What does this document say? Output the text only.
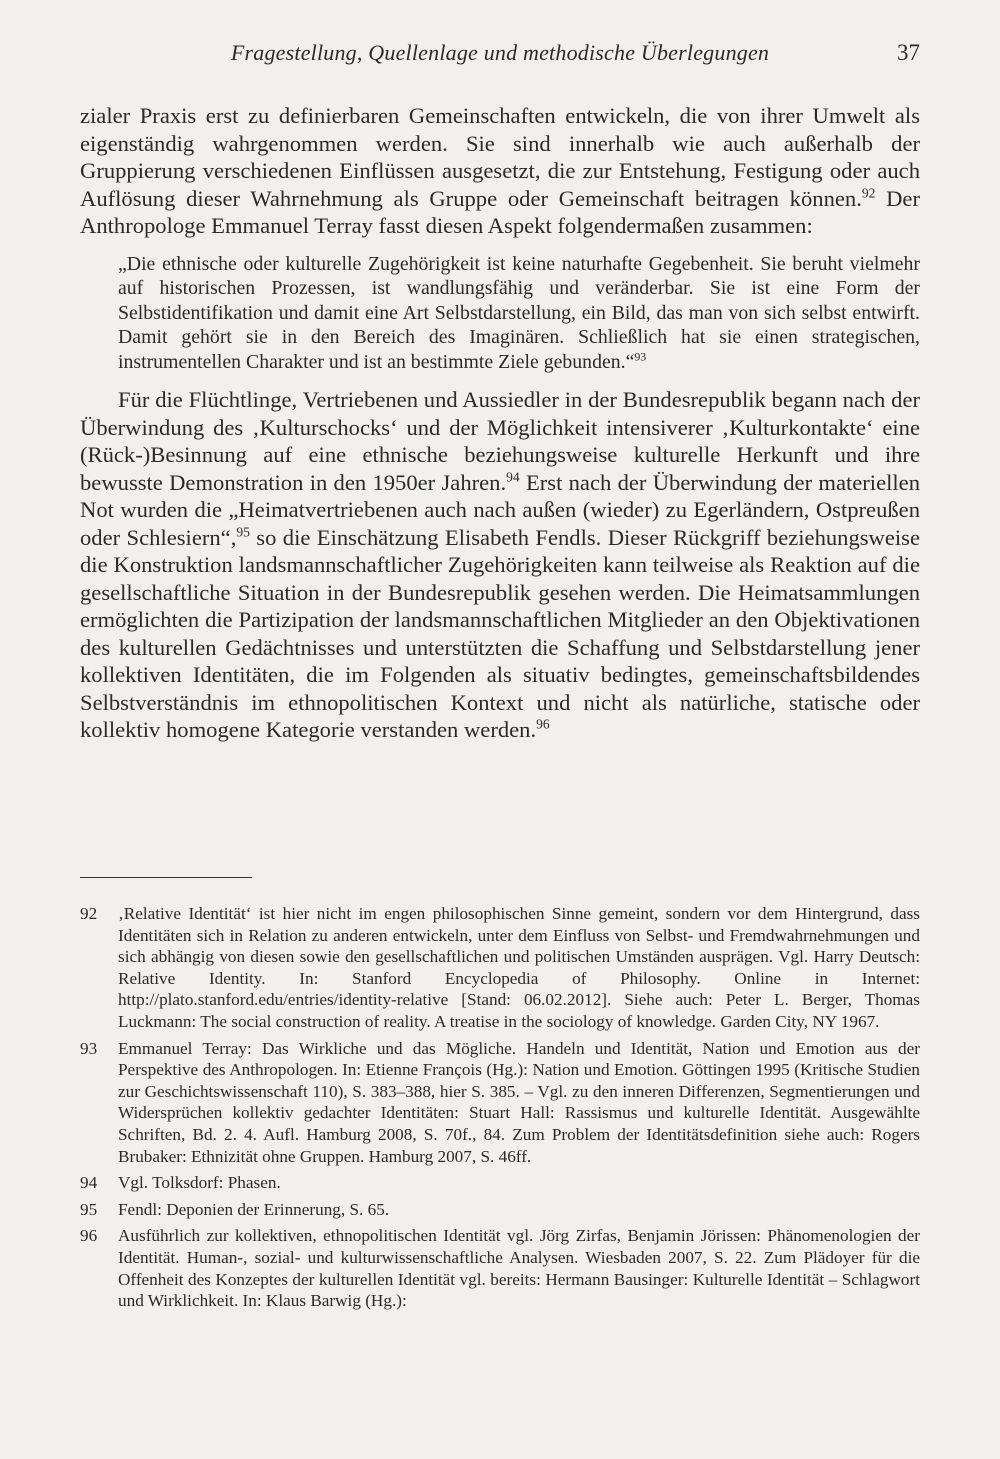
Fragestellung, Quellenlage und methodische Überlegungen	37

zialer Praxis erst zu definierbaren Gemeinschaften entwickeln, die von ihrer Umwelt als eigenständig wahrgenommen werden. Sie sind innerhalb wie auch außerhalb der Gruppierung verschiedenen Einflüssen ausgesetzt, die zur Entstehung, Festigung oder auch Auflösung dieser Wahrnehmung als Gruppe oder Gemeinschaft beitragen können.$^{92}$ Der Anthropologe Emmanuel Terray fasst diesen Aspekt folgendermaßen zusammen:

„Die ethnische oder kulturelle Zugehörigkeit ist keine naturhafte Gegebenheit. Sie beruht vielmehr auf historischen Prozessen, ist wandlungsfähig und veränderbar. Sie ist eine Form der Selbstidentifikation und damit eine Art Selbstdarstellung, ein Bild, das man von sich selbst entwirft. Damit gehört sie in den Bereich des Imaginären. Schließlich hat sie einen strategischen, instrumentellen Charakter und ist an bestimmte Ziele gebunden.“$^{93}$

Für die Flüchtlinge, Vertriebenen und Aussiedler in der Bundesrepublik begann nach der Überwindung des ‚Kulturschocks‘ und der Möglichkeit intensiverer ‚Kulturkontakte‘ eine (Rück-)Besinnung auf eine ethnische beziehungsweise kulturelle Herkunft und ihre bewusste Demonstration in den 1950er Jahren.$^{94}$ Erst nach der Überwindung der materiellen Not wurden die „Heimatvertriebenen auch nach außen (wieder) zu Egerländern, Ostpreußen oder Schlesiern“,$^{95}$ so die Einschätzung Elisabeth Fendls. Dieser Rückgriff beziehungsweise die Konstruktion landsmannschaftlicher Zugehörigkeiten kann teilweise als Reaktion auf die gesellschaftliche Situation in der Bundesrepublik gesehen werden. Die Heimatsammlungen ermöglichten die Partizipation der landsmannschaftlichen Mitglieder an den Objektivationen des kulturellen Gedächtnisses und unterstützten die Schaffung und Selbstdarstellung jener kollektiven Identitäten, die im Folgenden als situativ bedingtes, gemeinschaftsbildendes Selbstverständnis im ethnopolitischen Kontext und nicht als natürliche, statische oder kollektiv homogene Kategorie verstanden werden.$^{96}$

92	‚Relative Identität‘ ist hier nicht im engen philosophischen Sinne gemeint, sondern vor dem Hintergrund, dass Identitäten sich in Relation zu anderen entwickeln, unter dem Einfluss von Selbst- und Fremdwahrnehmungen und sich abhängig von diesen sowie den gesellschaftlichen und politischen Umständen ausprägen. Vgl. Harry Deutsch: Relative Identity. In: Stanford Encyclopedia of Philosophy. Online in Internet: http://plato.stanford.edu/entries/identity-relative [Stand: 06.02.2012]. Siehe auch: Peter L. Berger, Thomas Luckmann: The social construction of reality. A treatise in the sociology of knowledge. Garden City, NY 1967.
93	Emmanuel Terray: Das Wirkliche und das Mögliche. Handeln und Identität, Nation und Emotion aus der Perspektive des Anthropologen. In: Etienne François (Hg.): Nation und Emotion. Göttingen 1995 (Kritische Studien zur Geschichtswissenschaft 110), S. 383–388, hier S. 385. – Vgl. zu den inneren Differenzen, Segmentierungen und Widersprüchen kollektiv gedachter Identitäten: Stuart Hall: Rassismus und kulturelle Identität. Ausgewählte Schriften, Bd. 2. 4. Aufl. Hamburg 2008, S. 70f., 84. Zum Problem der Identitätsdefinition siehe auch: Rogers Brubaker: Ethnizität ohne Gruppen. Hamburg 2007, S. 46ff.
94	Vgl. Tolksdorf: Phasen.
95	Fendl: Deponien der Erinnerung, S. 65.
96	Ausführlich zur kollektiven, ethnopolitischen Identität vgl. Jörg Zirfas, Benjamin Jörissen: Phänomenologien der Identität. Human-, sozial- und kulturwissenschaftliche Analysen. Wiesbaden 2007, S. 22. Zum Plädoyer für die Offenheit des Konzeptes der kulturellen Identität vgl. bereits: Hermann Bausinger: Kulturelle Identität – Schlagwort und Wirklichkeit. In: Klaus Barwig (Hg.):
